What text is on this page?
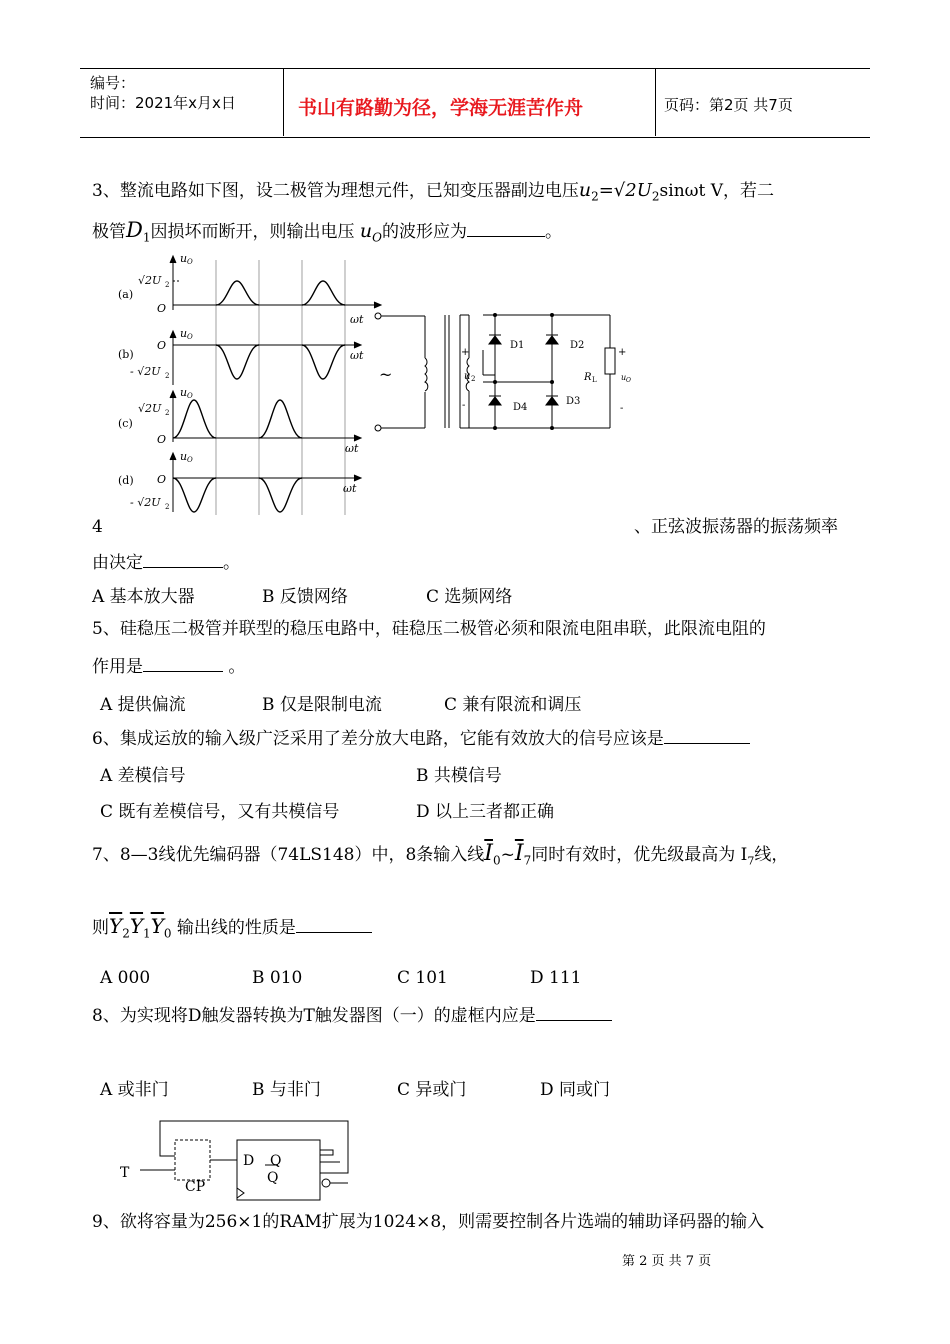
编号：
时间：2021年x月x日	书山有路勤为径，学海无涯苦作舟	页码：第2页 共7页
3、整流电路如下图，设二极管为理想元件，已知变压器副边电压$u_2=√2U_2\sin\omega t$ V，若二
极管$D_1$因损坏而断开，则输出电压 $u_O$的波形应为	。
(a)
(b)
(c)
(d)
u O
u O
u O
u O
√2U 2
O
ωt
O
- √2U 2
ωt
√2U 2
O
ωt
O
- √2U 2
ωt
~
+
-
u 2
D1	D2
D3
D4
R L
+
-
u O
4	、正弦波振荡器的振荡频率
由决定	。
A 基本放大器	B 反馈网络	C 选频网络
5、硅稳压二极管并联型的稳压电路中，硅稳压二极管必须和限流电阻串联，此限流电阻的
作用是	。
A 提供偏流	B 仅是限制电流	C 兼有限流和调压
6、集成运放的输入级广泛采用了差分放大电路，它能有效放大的信号应该是
A 差模信号	B 共模信号
C 既有差模信号，又有共模信号	D 以上三者都正确
7、8—3线优先编码器（74LS148）中，8条输入线$\overline{I}_0\sim\overline{I}_7$同时有效时，优先级最高为 $I_7$线，
则$\overline{Y}_2\overline{Y}_1\overline{Y}_0$ 输出线的性质是
A 000	B 010	C 101	D 111
8、为实现将D触发器转换为T触发器图（一）的虚框内应是
A 或非门	B 与非门	C 异或门	D 同或门
T
D Q
Q
CP
9、欲将容量为256×1的RAM扩展为1024×8，则需要控制各片选端的辅助译码器的输入
第 2 页 共 7 页
